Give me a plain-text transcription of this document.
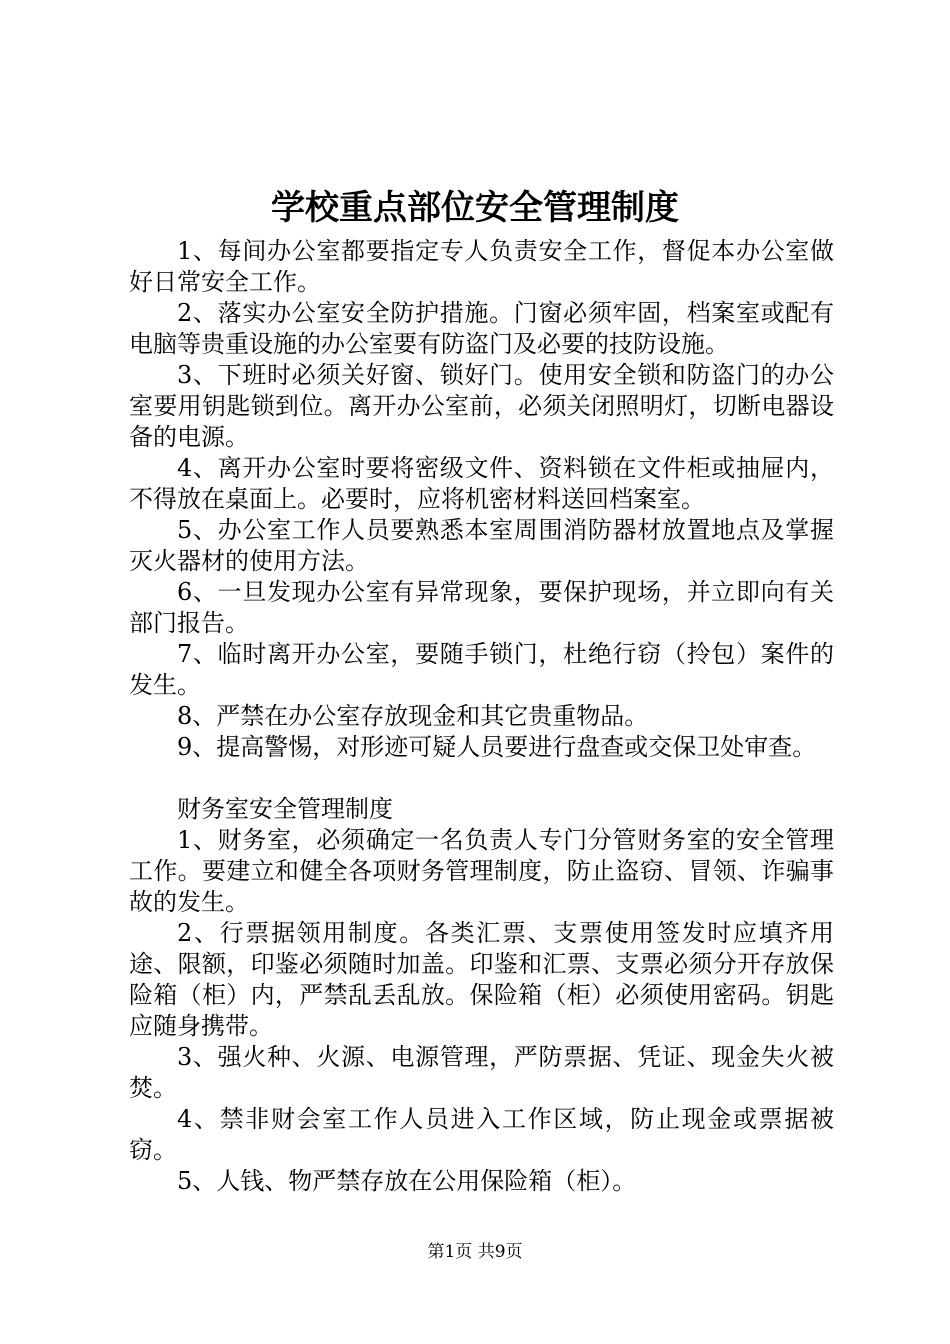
学校重点部位安全管理制度

1、每间办公室都要指定专人负责安全工作，督促本办公室做好日常安全工作。

2、落实办公室安全防护措施。门窗必须牢固，档案室或配有电脑等贵重设施的办公室要有防盗门及必要的技防设施。

3、下班时必须关好窗、锁好门。使用安全锁和防盗门的办公室要用钥匙锁到位。离开办公室前，必须关闭照明灯，切断电器设备的电源。

4、离开办公室时要将密级文件、资料锁在文件柜或抽屉内，不得放在桌面上。必要时，应将机密材料送回档案室。

5、办公室工作人员要熟悉本室周围消防器材放置地点及掌握灭火器材的使用方法。

6、一旦发现办公室有异常现象，要保护现场，并立即向有关部门报告。

7、临时离开办公室，要随手锁门，杜绝行窃（拎包）案件的发生。

8、严禁在办公室存放现金和其它贵重物品。

9、提高警惕，对形迹可疑人员要进行盘查或交保卫处审查。

财务室安全管理制度

1、财务室，必须确定一名负责人专门分管财务室的安全管理工作。要建立和健全各项财务管理制度，防止盗窃、冒领、诈骗事故的发生。

2、行票据领用制度。各类汇票、支票使用签发时应填齐用途、限额，印鉴必须随时加盖。印鉴和汇票、支票必须分开存放保险箱（柜）内，严禁乱丢乱放。保险箱（柜）必须使用密码。钥匙应随身携带。

3、强火种、火源、电源管理，严防票据、凭证、现金失火被焚。

4、禁非财会室工作人员进入工作区域，防止现金或票据被窃。

5、人钱、物严禁存放在公用保险箱（柜）。

第1页 共9页
